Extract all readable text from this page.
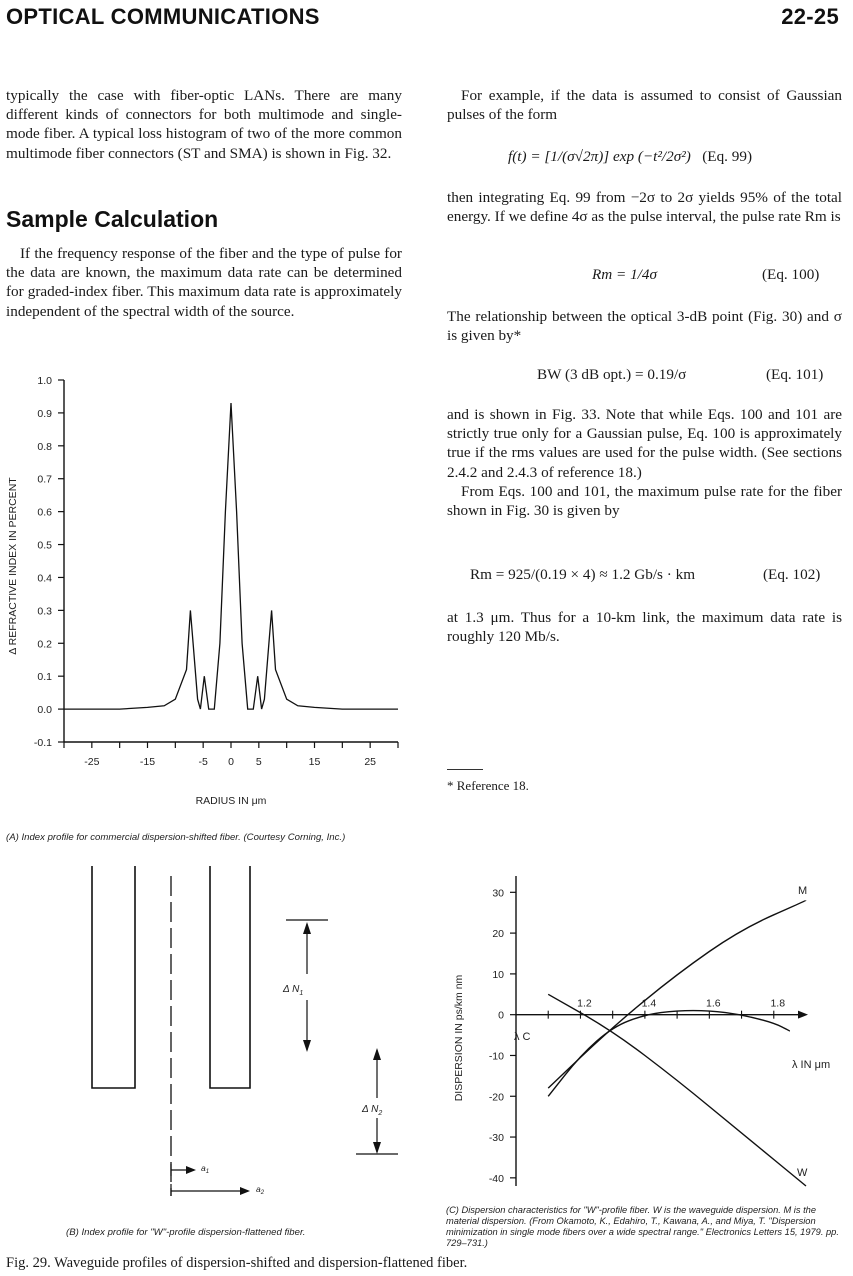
OPTICAL COMMUNICATIONS	22-25

typically the case with fiber-optic LANs. There are many different kinds of connectors for both multimode and single-mode fiber. A typical loss histogram of two of the more common multimode fiber connectors (ST and SMA) is shown in Fig. 32.

Sample Calculation

If the frequency response of the fiber and the type of pulse for the data are known, the maximum data rate can be determined for graded-index fiber. This maximum data rate is approximately independent of the spectral width of the source.

For example, if the data is assumed to consist of Gaussian pulses of the form

f(t) = [1/(σ√2π)] exp (−t²/2σ²) (Eq. 99)

then integrating Eq. 99 from −2σ to 2σ yields 95% of the total energy. If we define 4σ as the pulse interval, the pulse rate Rm is

Rm = 1/4σ	(Eq. 100)

The relationship between the optical 3-dB point (Fig. 30) and σ is given by*

BW (3 dB opt.) = 0.19/σ	(Eq. 101)

and is shown in Fig. 33. Note that while Eqs. 100 and 101 are strictly true only for a Gaussian pulse, Eq. 100 is approximately true if the rms values are used for the pulse width. (See sections 2.4.2 and 2.4.3 of reference 18.)

From Eqs. 100 and 101, the maximum pulse rate for the fiber shown in Fig. 30 is given by

Rm = 925/(0.19 × 4) ≈ 1.2 Gb/s · km	(Eq. 102)

at 1.3 μm. Thus for a 10-km link, the maximum data rate is roughly 120 Mb/s.

* Reference 18.
1.0
0.9
0.8
0.7
0.6
0.5
0.4
0.3
0.2
0.1
0.0
-0.1
-25	-15	-5 0 5	15	25
Δ REFRACTIVE INDEX IN PERCENT
RADIUS IN μm
(A) Index profile for commercial dispersion-shifted fiber. (Courtesy Corning, Inc.)
Δ $N_1$
Δ $N_2$
$a_1$
$a_2$
(B) Index profile for "W"-profile dispersion-flattened fiber.
30
20
10
0
-10
-20
-30
-40
1.2	1.4	1.6	1.8
DISPERSION IN ps/km nm	λ IN μm
M
W
λ C
(C) Dispersion characteristics for "W"-profile fiber. W is the waveguide dispersion. M is the material dispersion. (From Okamoto, K., Edahiro, T., Kawana, A., and Miya, T. "Dispersion minimization in single mode fibers over a wide spectral range." Electronics Letters 15, 1979. pp. 729–731.)
Fig. 29. Waveguide profiles of dispersion-shifted and dispersion-flattened fiber.
